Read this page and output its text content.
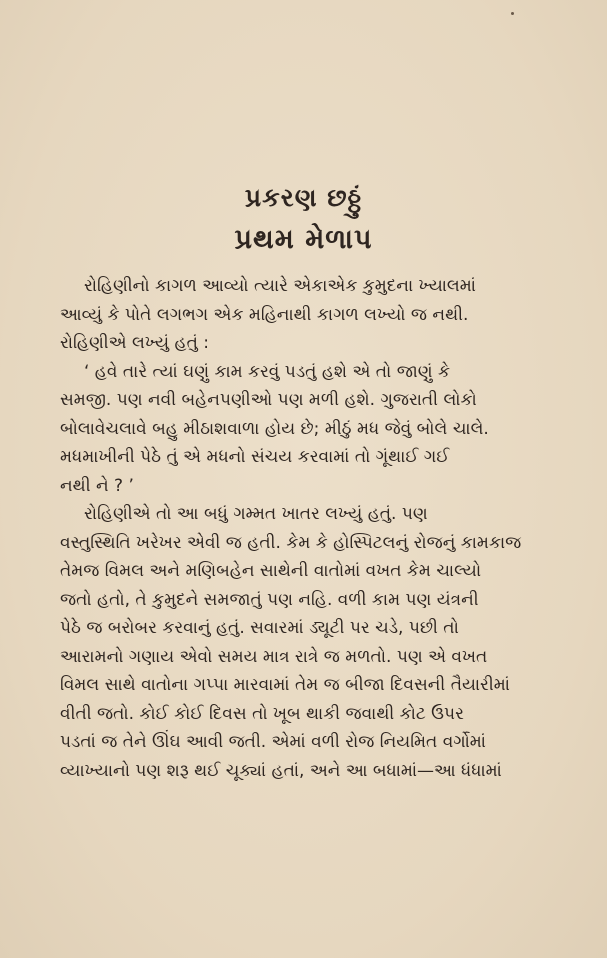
પ્રકરણ છઠ્ઠું
પ્રથમ મેળાપ
રોહિણીનો કાગળ આવ્યો ત્યારે એકાએક કુમુદના ખ્યાલમાં
આવ્યું કે પોતે લગભગ એક મહિનાથી કાગળ લખ્યો જ નથી.
રોહિણીએ લખ્યું હતું :
‘ હવે તારે ત્યાં ઘણું કામ કરવું પડતું હશે એ તો જાણું કે
સમજી. પણ નવી બહેનપણીઓ પણ મળી હશે. ગુજરાતી લોકો
બોલાવેચલાવે બહુ મીઠાશવાળા હોય છે; મીઠું મધ જેવું બોલે ચાલે.
મધમાખીની પેઠે તું એ મધનો સંચય કરવામાં તો ગૂંથાઈ ગઈ
નથી ને ? ’
રોહિણીએ તો આ બધું ગમ્મત ખાતર લખ્યું હતું. પણ
વસ્તુસ્થિતિ ખરેખર એવી જ હતી. કેમ કે હોસ્પિટલનું રોજનું કામકાજ
તેમજ વિમલ અને મણિબહેન સાથેની વાતોમાં વખત કેમ ચાલ્યો
જતો હતો, તે કુમુદને સમજાતું પણ નહિ. વળી કામ પણ યંત્રની
પેઠે જ બરોબર કરવાનું હતું. સવારમાં ડ્યૂટી પર ચડે, પછી તો
આરામનો ગણાય એવો સમય માત્ર રાત્રે જ મળતો. પણ એ વખત
વિમલ સાથે વાતોના ગપ્પા મારવામાં તેમ જ બીજા દિવસની તૈયારીમાં
વીતી જતો. કોઈ કોઈ દિવસ તો ખૂબ થાકી જવાથી કોટ ઉપર
પડતાં જ તેને ઊંઘ આવી જતી. એમાં વળી રોજ નિયમિત વર્ગોમાં
વ્યાખ્યાનો પણ શરૂ થઈ ચૂક્યાં હતાં, અને આ બધામાં—આ ધંધામાં
